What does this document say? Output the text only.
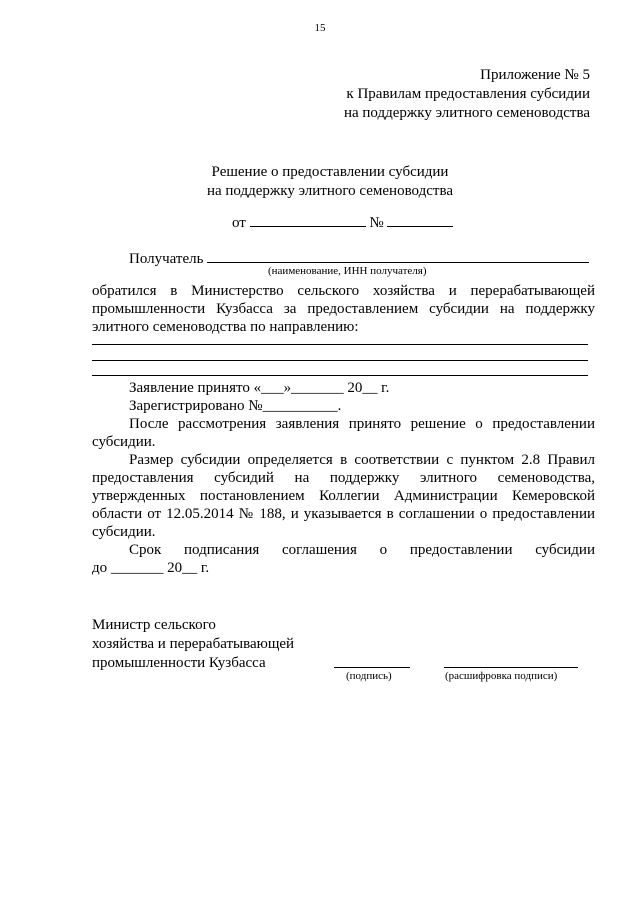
15
Приложение № 5
к Правилам предоставления субсидии
на поддержку элитного семеноводства
Решение о предоставлении субсидии
на поддержку элитного семеноводства
от	№
Получатель
(наименование, ИНН получателя)
обратился в Министерство сельского хозяйства и перерабатывающей
промышленности Кузбасса за предоставлением субсидии на поддержку
элитного семеноводства по направлению:
Заявление принято «___»_______ 20__ г.
Зарегистрировано №__________.
После рассмотрения заявления принято решение о предоставлении
субсидии.
Размер субсидии определяется в соответствии с пунктом 2.8 Правил
предоставления субсидий на поддержку элитного семеноводства,
утвержденных постановлением Коллегии Администрации Кемеровской
области от 12.05.2014 № 188, и указывается в соглашении о предоставлении
субсидии.
Срок подписания соглашения о предоставлении субсидии
до _______ 20__ г.
Министр сельского
хозяйства и перерабатывающей
промышленности Кузбасса
(подпись)	(расшифровка подписи)
